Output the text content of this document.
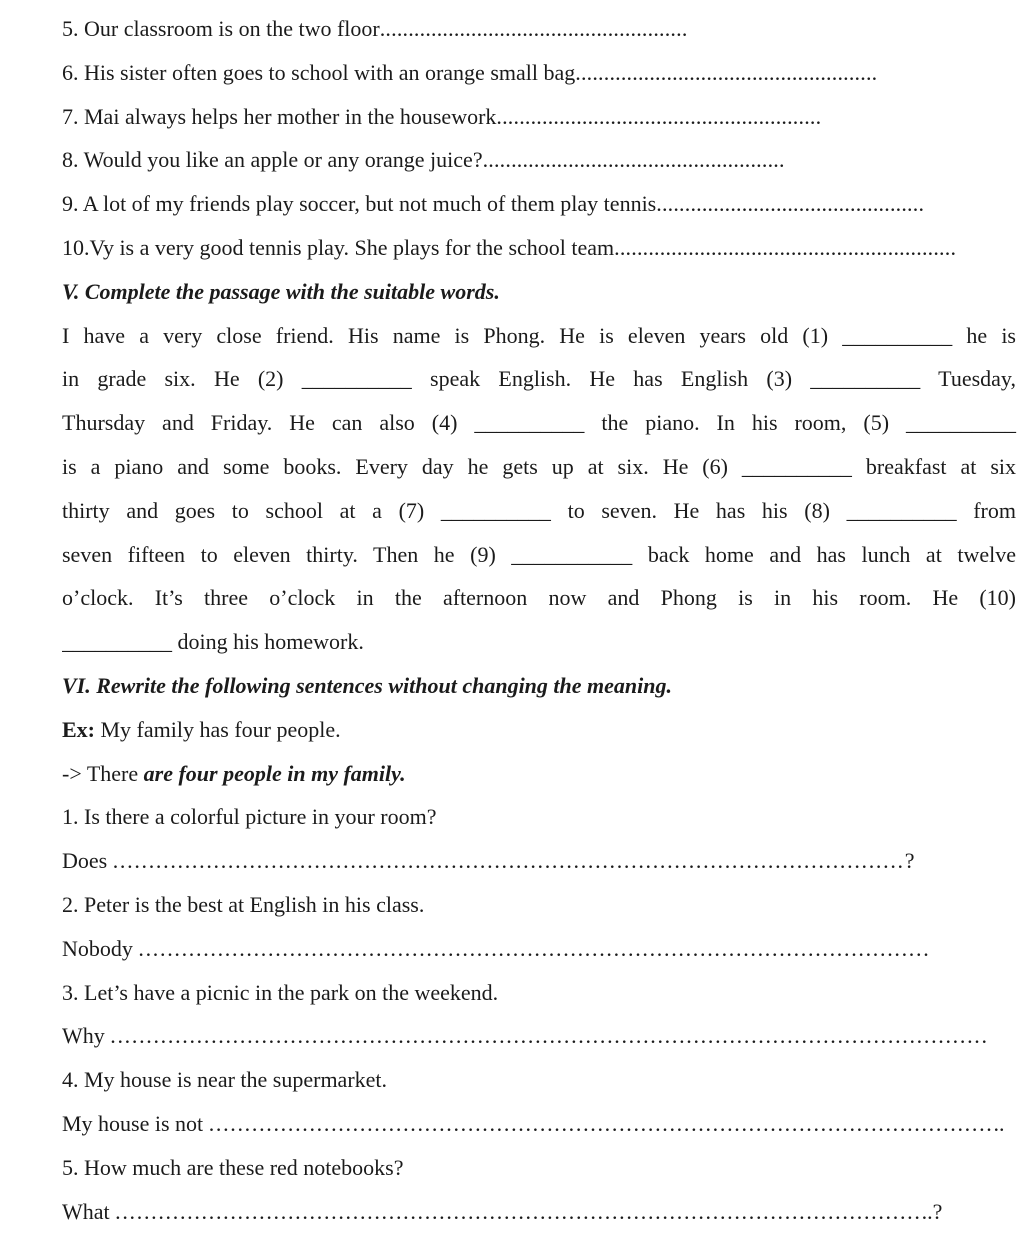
5. Our classroom is on the two floor......................................................
6. His sister often goes to school with an orange small bag.....................................................
7. Mai always helps her mother in the housework.........................................................
8. Would you like an apple or any orange juice?.....................................................
9. A lot of my friends play soccer, but not much of them play tennis...............................................
10.Vy is a very good tennis play. She plays for the school team............................................................
V. Complete the passage with the suitable words.
I have a very close friend. His name is Phong. He is eleven years old (1) __________ he is
in grade six. He (2) __________ speak English. He has English (3) __________ Tuesday,
Thursday and Friday. He can also (4) __________ the piano. In his room, (5) __________
is a piano and some books. Every day he gets up at six. He (6) __________ breakfast at six
thirty and goes to school at a (7) __________ to seven. He has his (8) __________ from
seven fifteen to eleven thirty. Then he (9) ___________ back home and has lunch at twelve
o’clock. It’s three o’clock in the afternoon now and Phong is in his room. He (10)
__________ doing his homework.
VI. Rewrite the following sentences without changing the meaning.
Ex: My family has four people.
-> There are four people in my family.
1. Is there a colorful picture in your room?
Does ..............................................................................................................?
2. Peter is the best at English in his class.
Nobody ..............................................................................................................
3. Let’s have a picnic in the park on the weekend.
Why ..........................................................................................................................
4. My house is near the supermarket.
My house is not ...............................................................................................................
5. How much are these red notebooks?
What ..................................................................................................................?
